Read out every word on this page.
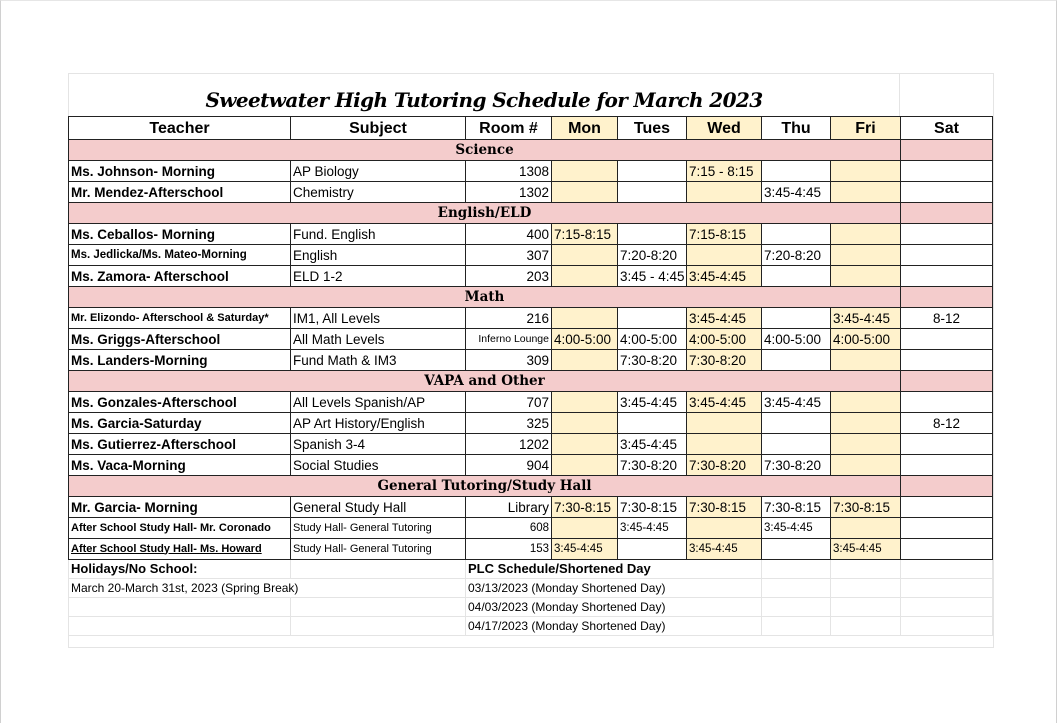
Sweetwater High Tutoring Schedule for March 2023
Teacher	Subject	Room #	Mon	Tues	Wed	Thu	Fri	Sat
Science								
Ms. Johnson- Morning	AP Biology	1308			7:15 - 8:15			
Mr. Mendez-Afterschool	Chemistry	1302				3:45-4:45		
English/ELD								
Ms. Ceballos- Morning	Fund. English	400	7:15-8:15		7:15-8:15			
Ms. Jedlicka/Ms. Mateo-Morning	English	307		7:20-8:20		7:20-8:20		
Ms. Zamora- Afterschool	ELD 1-2	203		3:45 - 4:45	3:45-4:45			
Math								
Mr. Elizondo- Afterschool & Saturday*	IM1, All Levels	216			3:45-4:45		3:45-4:45	8-12
Ms. Griggs-Afterschool	All Math Levels	Inferno Lounge	4:00-5:00	4:00-5:00	4:00-5:00	4:00-5:00	4:00-5:00	
Ms. Landers-Morning	Fund Math & IM3	309		7:30-8:20	7:30-8:20			
VAPA and Other								
Ms. Gonzales-Afterschool	All Levels Spanish/AP	707		3:45-4:45	3:45-4:45	3:45-4:45		
Ms. Garcia-Saturday	AP Art History/English	325						8-12
Ms. Gutierrez-Afterschool	Spanish 3-4	1202		3:45-4:45				
Ms. Vaca-Morning	Social Studies	904		7:30-8:20	7:30-8:20	7:30-8:20		
General Tutoring/Study Hall								
Mr. Garcia- Morning	General Study Hall	Library	7:30-8:15	7:30-8:15	7:30-8:15	7:30-8:15	7:30-8:15	
After School Study Hall- Mr. Coronado	Study Hall- General Tutoring	608		3:45-4:45		3:45-4:45		
After School Study Hall- Ms. Howard	Study Hall- General Tutoring	153	3:45-4:45		3:45-4:45		3:45-4:45	
Holidays/No School:		PLC Schedule/Shortened Day						
March 20-March 31st, 2023 (Spring Break)		03/13/2023 (Monday Shortened Day)						
		04/03/2023 (Monday Shortened Day)						
		04/17/2023 (Monday Shortened Day)						
